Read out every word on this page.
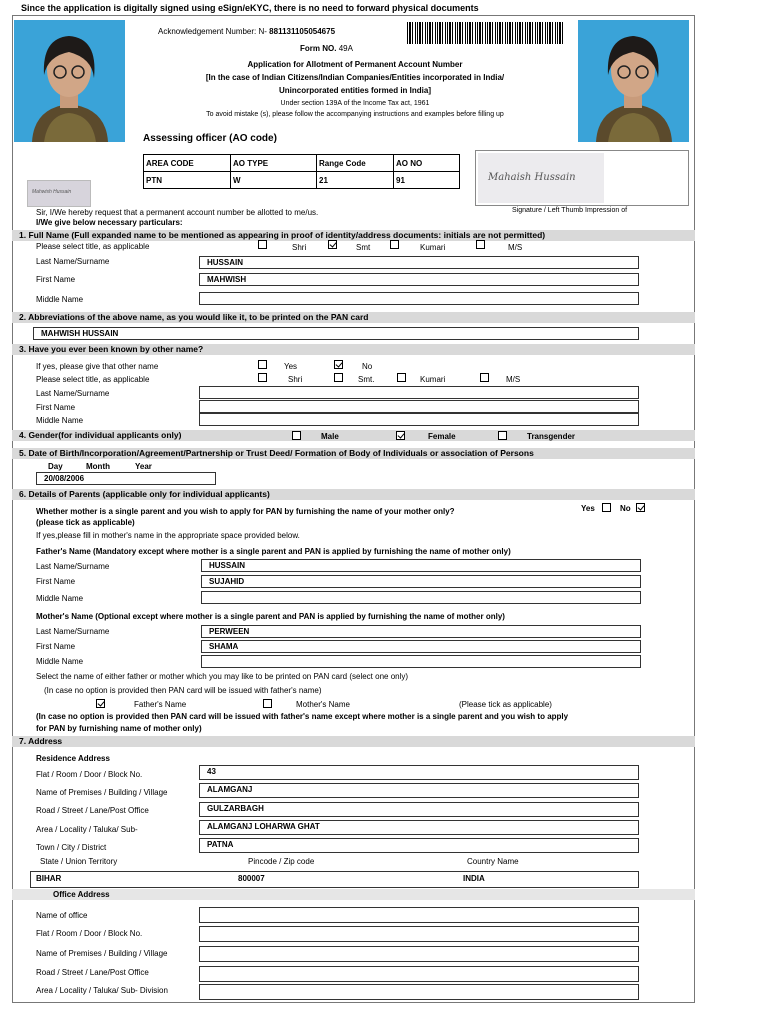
Since the application is digitally signed using eSign/eKYC, there is no need to forward physical documents
Acknowledgement Number: N- 881131105054675
Form NO. 49A
Application for Allotment of Permanent Account Number
[In the case of Indian Citizens/Indian Companies/Entities incorporated in India/
Unincorporated entities formed in India]
Under section 139A of the Income Tax act, 1961
To avoid mistake (s), please follow the accompanying instructions and examples before filling up
Assessing officer (AO code)
AREA CODE	AO TYPE	Range Code	AO NO
PTN	W	21	91	Mahaish Hussain
Mahwish Hussain
Signature / Left Thumb Impression of
Sir, I/We hereby request that a permanent account number be allotted to me/us.
I/We give below necessary particulars:
1. Full Name (Full expanded name to be mentioned as appearing in proof of identity/address documents: initials are not permitted)
Please select title, as applicable	Shri	Smt	Kumari	M/S
Last Name/Surname	HUSSAIN
First Name	MAHWISH
Middle Name
2. Abbreviations of the above name, as you would like it, to be printed on the PAN card
MAHWISH HUSSAIN
3. Have you ever been known by other name?
If yes, please give that other name	Yes	No
Please select title, as applicable	Shri	Smt.	Kumari	M/S
Last Name/Surname
First Name
Middle Name
4. Gender(for individual applicants only)	Male	Female	Transgender
5. Date of Birth/Incorporation/Agreement/Partnership or Trust Deed/ Formation of Body of Individuals or association of Persons
Day	Month	Year
20/08/2006
6. Details of Parents (applicable only for individual applicants)
Whether mother is a single parent and you wish to apply for PAN by furnishing the name of your mother only?	Yes	No
(please tick as applicable)
If yes,please fill in mother's name in the appropriate space provided below.
Father's Name (Mandatory except where mother is a single parent and PAN is applied by furnishing the name of mother only)
Last Name/Surname	HUSSAIN
First Name	SUJAHID
Middle Name
Mother's Name (Optional except where mother is a single parent and PAN is applied by furnishing the name of mother only)
Last Name/Surname	PERWEEN
First Name	SHAMA
Middle Name
Select the name of either father or mother which you may like to be printed on PAN card (select one only)
(In case no option is provided then PAN card will be issued with father's name)
Father's Name	Mother's Name	(Please tick as applicable)
(In case no option is provided then PAN card will be issued with father's name except where mother is a single parent and you wish to apply
for PAN by furnishing name of mother only)
7. Address
Residence Address
Flat / Room / Door / Block No.	43
Name of Premises / Building / Village	ALAMGANJ
Road / Street / Lane/Post Office	GULZARBAGH
Area / Locality / Taluka/ Sub-	ALAMGANJ LOHARWA GHAT
Town / City / District	PATNA
State / Union Territory	Pincode / Zip code	Country Name
BIHAR	800007	INDIA
Office Address
Name of office
Flat / Room / Door / Block No.
Name of Premises / Building / Village
Road / Street / Lane/Post Office
Area / Locality / Taluka/ Sub- Division
